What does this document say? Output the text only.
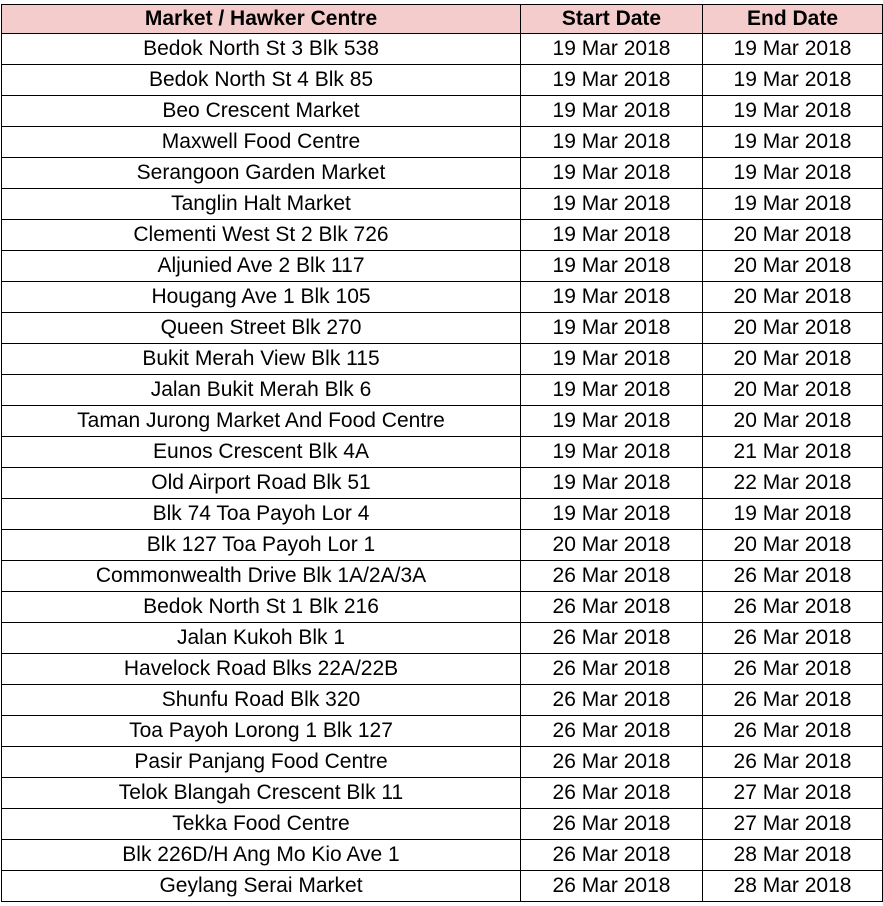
Market / Hawker Centre	Start Date	End Date
Bedok North St 3 Blk 538	19 Mar 2018	19 Mar 2018
Bedok North St 4 Blk 85	19 Mar 2018	19 Mar 2018
Beo Crescent Market	19 Mar 2018	19 Mar 2018
Maxwell Food Centre	19 Mar 2018	19 Mar 2018
Serangoon Garden Market	19 Mar 2018	19 Mar 2018
Tanglin Halt Market	19 Mar 2018	19 Mar 2018
Clementi West St 2 Blk 726	19 Mar 2018	20 Mar 2018
Aljunied Ave 2 Blk 117	19 Mar 2018	20 Mar 2018
Hougang Ave 1 Blk 105	19 Mar 2018	20 Mar 2018
Queen Street Blk 270	19 Mar 2018	20 Mar 2018
Bukit Merah View Blk 115	19 Mar 2018	20 Mar 2018
Jalan Bukit Merah Blk 6	19 Mar 2018	20 Mar 2018
Taman Jurong Market And Food Centre	19 Mar 2018	20 Mar 2018
Eunos Crescent Blk 4A	19 Mar 2018	21 Mar 2018
Old Airport Road Blk 51	19 Mar 2018	22 Mar 2018
Blk 74 Toa Payoh Lor 4	19 Mar 2018	19 Mar 2018
Blk 127 Toa Payoh Lor 1	20 Mar 2018	20 Mar 2018
Commonwealth Drive Blk 1A/2A/3A	26 Mar 2018	26 Mar 2018
Bedok North St 1 Blk 216	26 Mar 2018	26 Mar 2018
Jalan Kukoh Blk 1	26 Mar 2018	26 Mar 2018
Havelock Road Blks 22A/22B	26 Mar 2018	26 Mar 2018
Shunfu Road Blk 320	26 Mar 2018	26 Mar 2018
Toa Payoh Lorong 1 Blk 127	26 Mar 2018	26 Mar 2018
Pasir Panjang Food Centre	26 Mar 2018	26 Mar 2018
Telok Blangah Crescent Blk 11	26 Mar 2018	27 Mar 2018
Tekka Food Centre	26 Mar 2018	27 Mar 2018
Blk 226D/H Ang Mo Kio Ave 1	26 Mar 2018	28 Mar 2018
Geylang Serai Market	26 Mar 2018	28 Mar 2018
